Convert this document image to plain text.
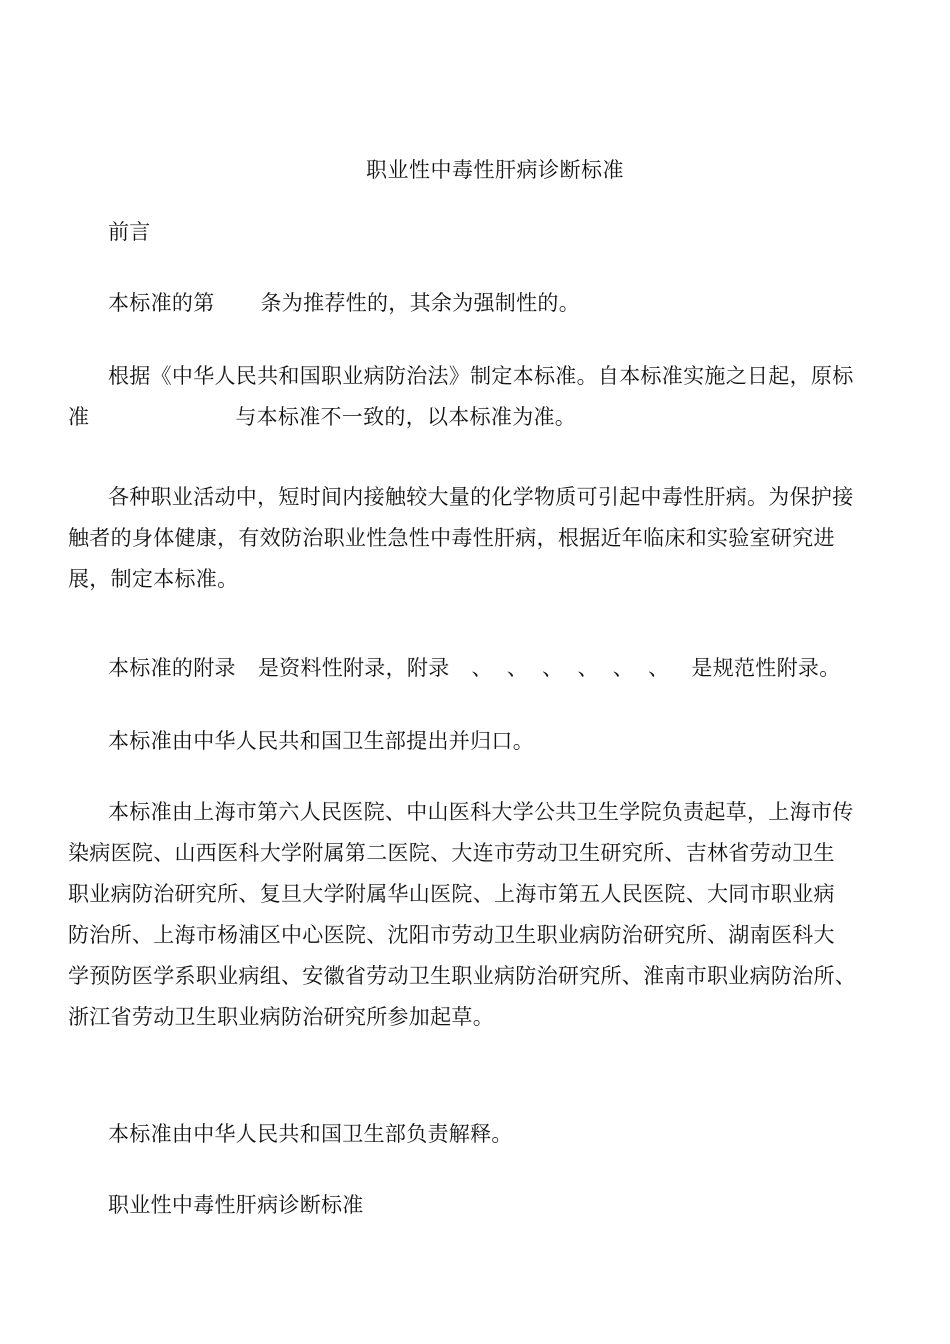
职业性中毒性肝病诊断标准
前言
本标准的第 条为推荐性的，其余为强制性的。
根据《中华人民共和国职业病防治法》制定本标准。自本标准实施之日起，原标
准	与本标准不一致的，以本标准为准。
各种职业活动中，短时间内接触较大量的化学物质可引起中毒性肝病。为保护接
触者的身体健康，有效防治职业性急性中毒性肝病，根据近年临床和实验室研究进
展，制定本标准。
本标准的附录 是资料性附录，附录 、 、 、 、 、 、 是规范性附录。
本标准由中华人民共和国卫生部提出并归口。
本标准由上海市第六人民医院、中山医科大学公共卫生学院负责起草，上海市传
染病医院、山西医科大学附属第二医院、大连市劳动卫生研究所、吉林省劳动卫生
职业病防治研究所、复旦大学附属华山医院、上海市第五人民医院、大同市职业病
防治所、上海市杨浦区中心医院、沈阳市劳动卫生职业病防治研究所、湖南医科大
学预防医学系职业病组、安徽省劳动卫生职业病防治研究所、淮南市职业病防治所、
浙江省劳动卫生职业病防治研究所参加起草。
本标准由中华人民共和国卫生部负责解释。
职业性中毒性肝病诊断标准
